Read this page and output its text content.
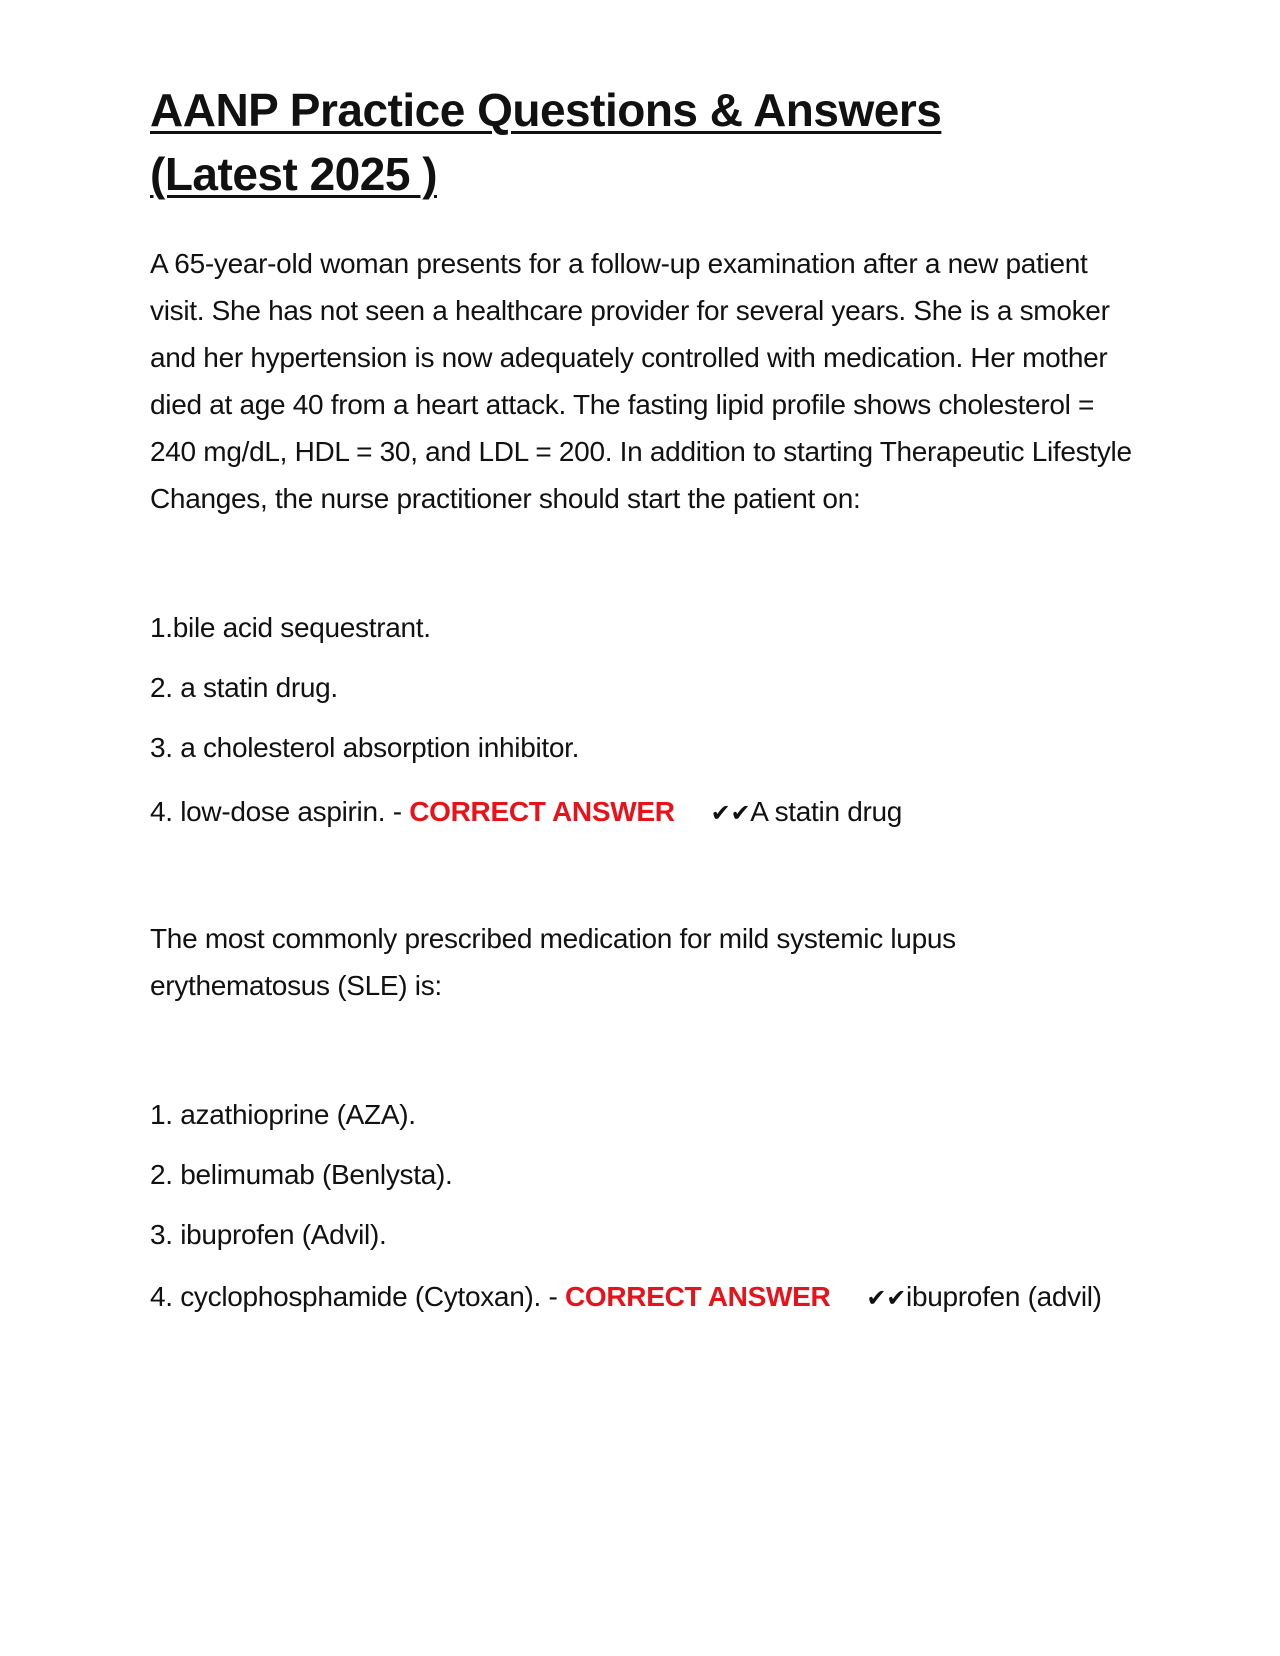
AANP Practice Questions & Answers
(Latest 2025 )

A 65-year-old woman presents for a follow-up examination after a new patient visit. She has not seen a healthcare provider for several years. She is a smoker and her hypertension is now adequately controlled with medication. Her mother died at age 40 from a heart attack. The fasting lipid profile shows cholesterol = 240 mg/dL, HDL = 30, and LDL = 200. In addition to starting Therapeutic Lifestyle Changes, the nurse practitioner should start the patient on:

1.bile acid sequestrant.
2. a statin drug.
3. a cholesterol absorption inhibitor.
4. low-dose aspirin. - CORRECT ANSWER ✔✔A statin drug

The most commonly prescribed medication for mild systemic lupus erythematosus (SLE) is:

1. azathioprine (AZA).
2. belimumab (Benlysta).
3. ibuprofen (Advil).
4. cyclophosphamide (Cytoxan). - CORRECT ANSWER ✔✔ibuprofen (advil)
